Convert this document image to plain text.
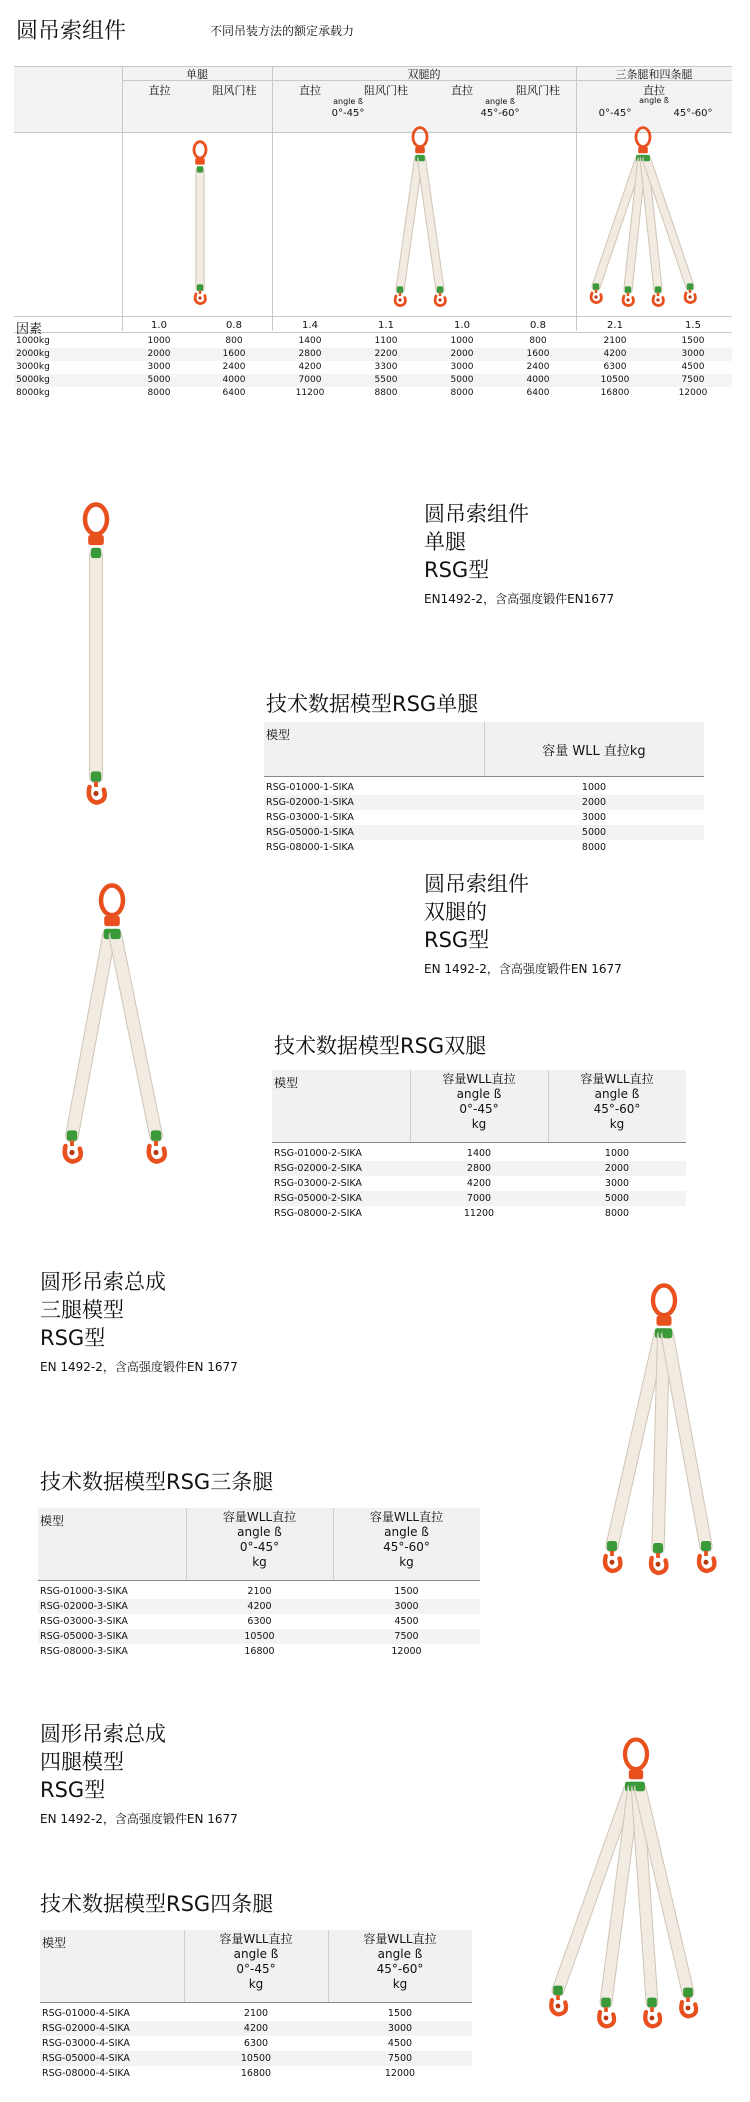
圆吊索组件	不同吊装方法的额定承载力
单腿	双腿的	三条腿和四条腿
直拉	阻风门柱	直拉	阻风门柱	直拉	阻风门柱	直拉
angle ß	angle ß	angle ß
0°-45°	45°-60°	0°-45°	45°-60°
因素	1.0	0.8	1.4	1.1	1.0	0.8	2.1	1.5
1000kg	1000	800	1400	1100	1000	800	2100	1500
2000kg	2000	1600	2800	2200	2000	1600	4200	3000
3000kg	3000	2400	4200	3300	3000	2400	6300	4500
5000kg	5000	4000	7000	5500	5000	4000	10500	7500
8000kg	8000	6400	11200	8800	8000	6400	16800	12000
圆吊索组件
单腿
RSG型
EN1492-2，含高强度锻件EN1677
技术数据模型RSG单腿
模型
容量 WLL 直拉kg
RSG-01000-1-SIKA	1000
RSG-02000-1-SIKA	2000
RSG-03000-1-SIKA	3000
RSG-05000-1-SIKA	5000
RSG-08000-1-SIKA	8000
圆吊索组件
双腿的
RSG型
EN 1492-2，含高强度锻件EN 1677
技术数据模型RSG双腿
模型	容量WLL直拉
angle ß
0°-45°
kg
容量WLL直拉
angle ß
45°-60°
kg
RSG-01000-2-SIKA	1400	1000
RSG-02000-2-SIKA	2800	2000
RSG-03000-2-SIKA	4200	3000
RSG-05000-2-SIKA	7000	5000
RSG-08000-2-SIKA	11200	8000
圆形吊索总成
三腿模型
RSG型
EN 1492-2，含高强度锻件EN 1677
技术数据模型RSG三条腿
模型	容量WLL直拉
angle ß
0°-45°
kg
容量WLL直拉
angle ß
45°-60°
kg
RSG-01000-3-SIKA	2100	1500
RSG-02000-3-SIKA	4200	3000
RSG-03000-3-SIKA	6300	4500
RSG-05000-3-SIKA	10500	7500
RSG-08000-3-SIKA	16800	12000
圆形吊索总成
四腿模型
RSG型
EN 1492-2，含高强度锻件EN 1677
技术数据模型RSG四条腿
模型	容量WLL直拉
angle ß
0°-45°
kg
容量WLL直拉
angle ß
45°-60°
kg
RSG-01000-4-SIKA	2100	1500
RSG-02000-4-SIKA	4200	3000
RSG-03000-4-SIKA	6300	4500
RSG-05000-4-SIKA	10500	7500
RSG-08000-4-SIKA	16800	12000
